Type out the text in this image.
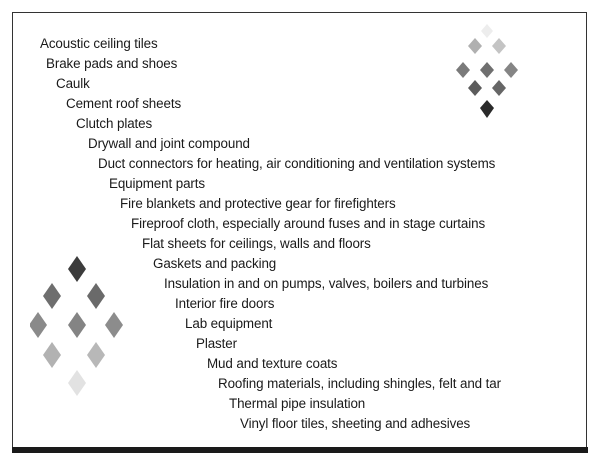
Acoustic ceiling tiles
Brake pads and shoes
Caulk
Cement roof sheets
Clutch plates
Drywall and joint compound
Duct connectors for heating, air conditioning and ventilation systems
Equipment parts
Fire blankets and protective gear for firefighters
Fireproof cloth, especially around fuses and in stage curtains
Flat sheets for ceilings, walls and floors
Gaskets and packing
Insulation in and on pumps, valves, boilers and turbines
Interior fire doors
Lab equipment
Plaster
Mud and texture coats
Roofing materials, including shingles, felt and tar
Thermal pipe insulation
Vinyl floor tiles, sheeting and adhesives
